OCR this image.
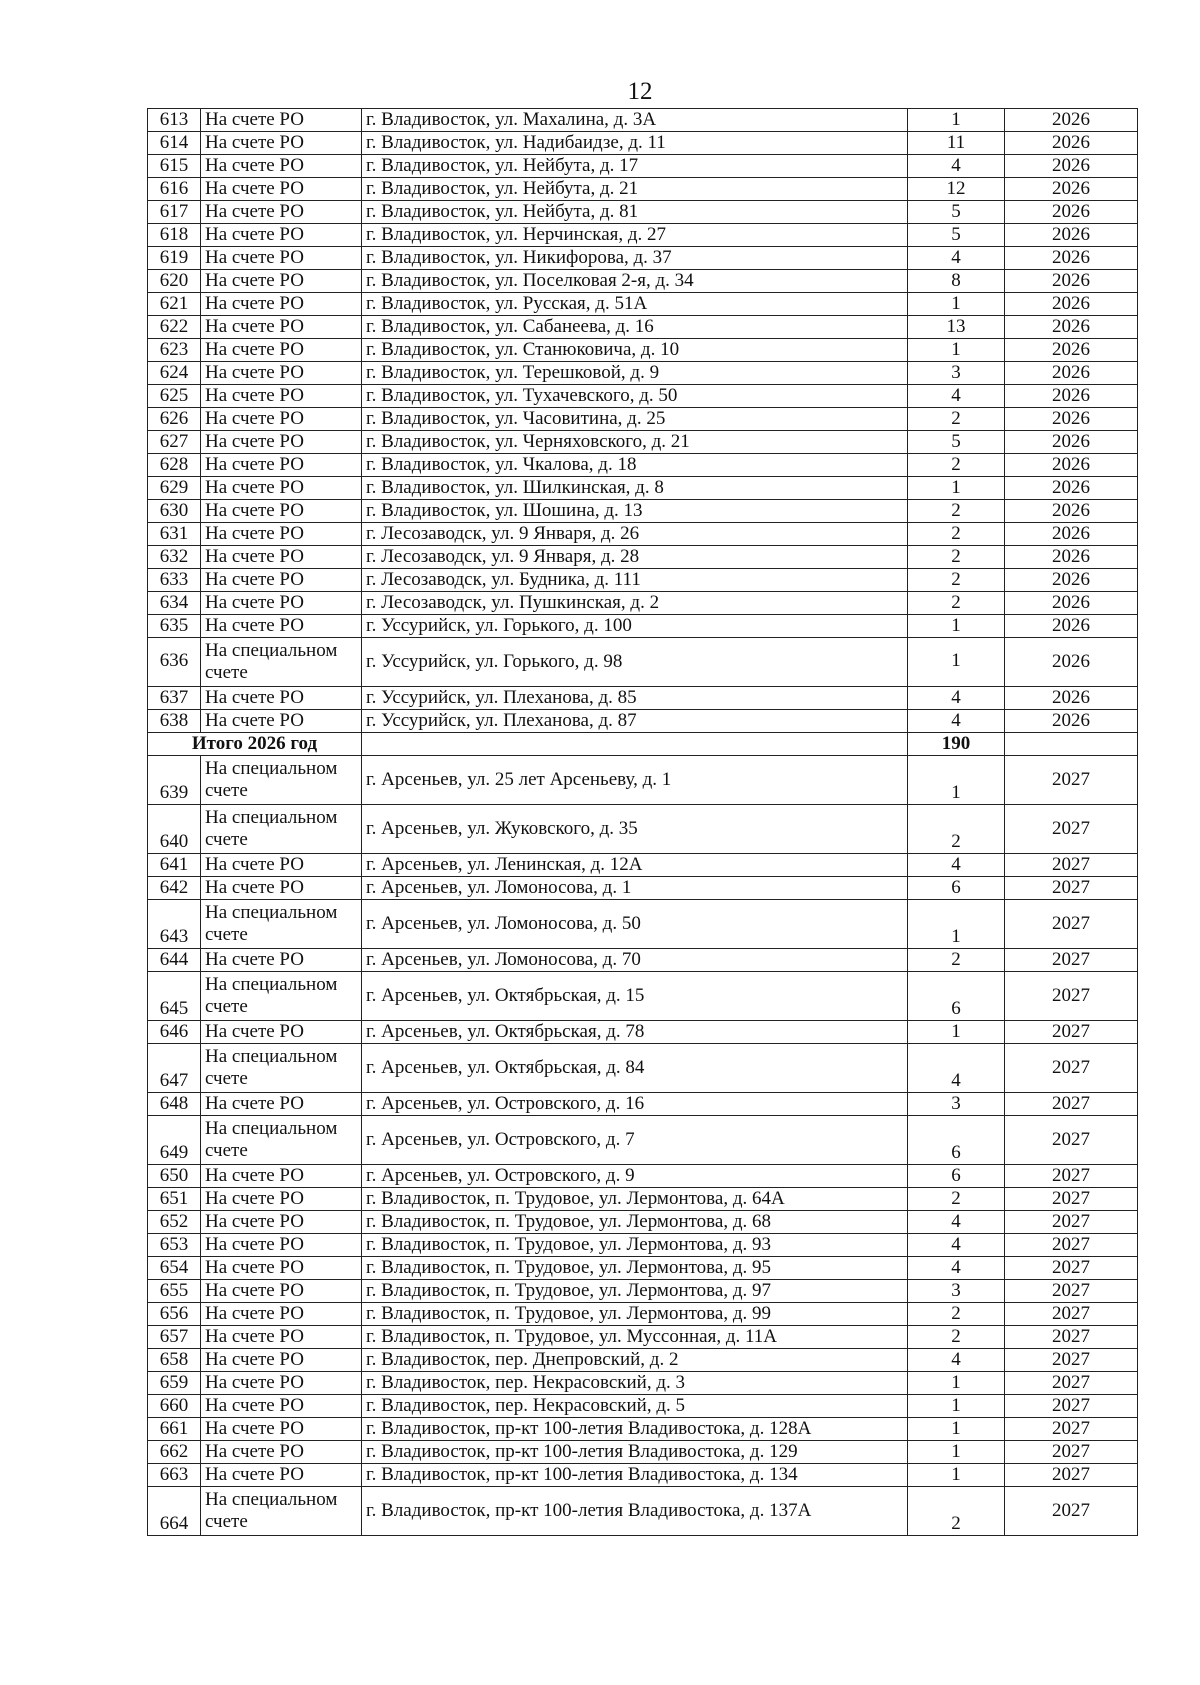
12
613	На счете РО	г. Владивосток, ул. Махалина, д. 3А	1	2026
614	На счете РО	г. Владивосток, ул. Надибаидзе, д. 11	11	2026
615	На счете РО	г. Владивосток, ул. Нейбута, д. 17	4	2026
616	На счете РО	г. Владивосток, ул. Нейбута, д. 21	12	2026
617	На счете РО	г. Владивосток, ул. Нейбута, д. 81	5	2026
618	На счете РО	г. Владивосток, ул. Нерчинская, д. 27	5	2026
619	На счете РО	г. Владивосток, ул. Никифорова, д. 37	4	2026
620	На счете РО	г. Владивосток, ул. Поселковая 2-я, д. 34	8	2026
621	На счете РО	г. Владивосток, ул. Русская, д. 51А	1	2026
622	На счете РО	г. Владивосток, ул. Сабанеева, д. 16	13	2026
623	На счете РО	г. Владивосток, ул. Станюковича, д. 10	1	2026
624	На счете РО	г. Владивосток, ул. Терешковой, д. 9	3	2026
625	На счете РО	г. Владивосток, ул. Тухачевского, д. 50	4	2026
626	На счете РО	г. Владивосток, ул. Часовитина, д. 25	2	2026
627	На счете РО	г. Владивосток, ул. Черняховского, д. 21	5	2026
628	На счете РО	г. Владивосток, ул. Чкалова, д. 18	2	2026
629	На счете РО	г. Владивосток, ул. Шилкинская, д. 8	1	2026
630	На счете РО	г. Владивосток, ул. Шошина, д. 13	2	2026
631	На счете РО	г. Лесозаводск, ул. 9 Января, д. 26	2	2026
632	На счете РО	г. Лесозаводск, ул. 9 Января, д. 28	2	2026
633	На счете РО	г. Лесозаводск, ул. Будника, д. 111	2	2026
634	На счете РО	г. Лесозаводск, ул. Пушкинская, д. 2	2	2026
635	На счете РО	г. Уссурийск, ул. Горького, д. 100	1	2026
636	На специальном счете	г. Уссурийск, ул. Горького, д. 98	1	2026
637	На счете РО	г. Уссурийск, ул. Плеханова, д. 85	4	2026
638	На счете РО	г. Уссурийск, ул. Плеханова, д. 87	4	2026
Итого 2026 год			190	
639	На специальном счете	г. Арсеньев, ул. 25 лет Арсеньеву, д. 1	1	2027
640	На специальном счете	г. Арсеньев, ул. Жуковского, д. 35	2	2027
641	На счете РО	г. Арсеньев, ул. Ленинская, д. 12А	4	2027
642	На счете РО	г. Арсеньев, ул. Ломоносова, д. 1	6	2027
643	На специальном счете	г. Арсеньев, ул. Ломоносова, д. 50	1	2027
644	На счете РО	г. Арсеньев, ул. Ломоносова, д. 70	2	2027
645	На специальном счете	г. Арсеньев, ул. Октябрьская, д. 15	6	2027
646	На счете РО	г. Арсеньев, ул. Октябрьская, д. 78	1	2027
647	На специальном счете	г. Арсеньев, ул. Октябрьская, д. 84	4	2027
648	На счете РО	г. Арсеньев, ул. Островского, д. 16	3	2027
649	На специальном счете	г. Арсеньев, ул. Островского, д. 7	6	2027
650	На счете РО	г. Арсеньев, ул. Островского, д. 9	6	2027
651	На счете РО	г. Владивосток, п. Трудовое, ул. Лермонтова, д. 64А	2	2027
652	На счете РО	г. Владивосток, п. Трудовое, ул. Лермонтова, д. 68	4	2027
653	На счете РО	г. Владивосток, п. Трудовое, ул. Лермонтова, д. 93	4	2027
654	На счете РО	г. Владивосток, п. Трудовое, ул. Лермонтова, д. 95	4	2027
655	На счете РО	г. Владивосток, п. Трудовое, ул. Лермонтова, д. 97	3	2027
656	На счете РО	г. Владивосток, п. Трудовое, ул. Лермонтова, д. 99	2	2027
657	На счете РО	г. Владивосток, п. Трудовое, ул. Муссонная, д. 11А	2	2027
658	На счете РО	г. Владивосток, пер. Днепровский, д. 2	4	2027
659	На счете РО	г. Владивосток, пер. Некрасовский, д. 3	1	2027
660	На счете РО	г. Владивосток, пер. Некрасовский, д. 5	1	2027
661	На счете РО	г. Владивосток, пр-кт 100-летия Владивостока, д. 128А	1	2027
662	На счете РО	г. Владивосток, пр-кт 100-летия Владивостока, д. 129	1	2027
663	На счете РО	г. Владивосток, пр-кт 100-летия Владивостока, д. 134	1	2027
664	На специальном счете	г. Владивосток, пр-кт 100-летия Владивостока, д. 137А	2	2027
